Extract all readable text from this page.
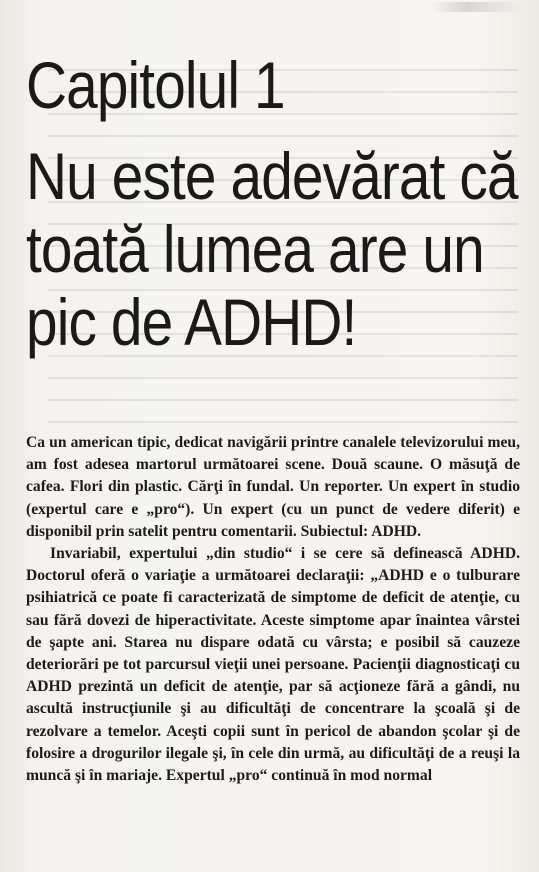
Capitolul 1
Nu este adevărat că
toată lumea are un
pic de ADHD!

Ca un american tipic, dedicat navigării printre canalele televizorului meu, am fost adesea martorul următoarei scene. Două scaune. O măsuţă de cafea. Flori din plastic. Cărţi în fundal. Un reporter. Un expert în studio (expertul care e „pro“). Un expert (cu un punct de vedere diferit) e disponibil prin satelit pentru comentarii. Subiectul: ADHD.

Invariabil, expertului „din studio“ i se cere să definească ADHD. Doctorul oferă o variaţie a următoarei declaraţii: „ADHD e o tulburare psihiatrică ce poate fi caracterizată de simptome de deficit de atenţie, cu sau fără dovezi de hiperactivitate. Aceste simptome apar înaintea vârstei de şapte ani. Starea nu dispare odată cu vârsta; e posibil să cauzeze deteriorări pe tot parcursul vieţii unei persoane. Pacienţii diagnosticaţi cu ADHD prezintă un deficit de atenţie, par să acţioneze fără a gândi, nu ascultă instrucţiunile şi au dificultăţi de concentrare la şcoală şi de rezolvare a temelor. Aceşti copii sunt în pericol de abandon şcolar şi de folosire a drogurilor ilegale şi, în cele din urmă, au dificultăţi de a reuşi la muncă şi în mariaje. Expertul „pro“ continuă în mod normal
